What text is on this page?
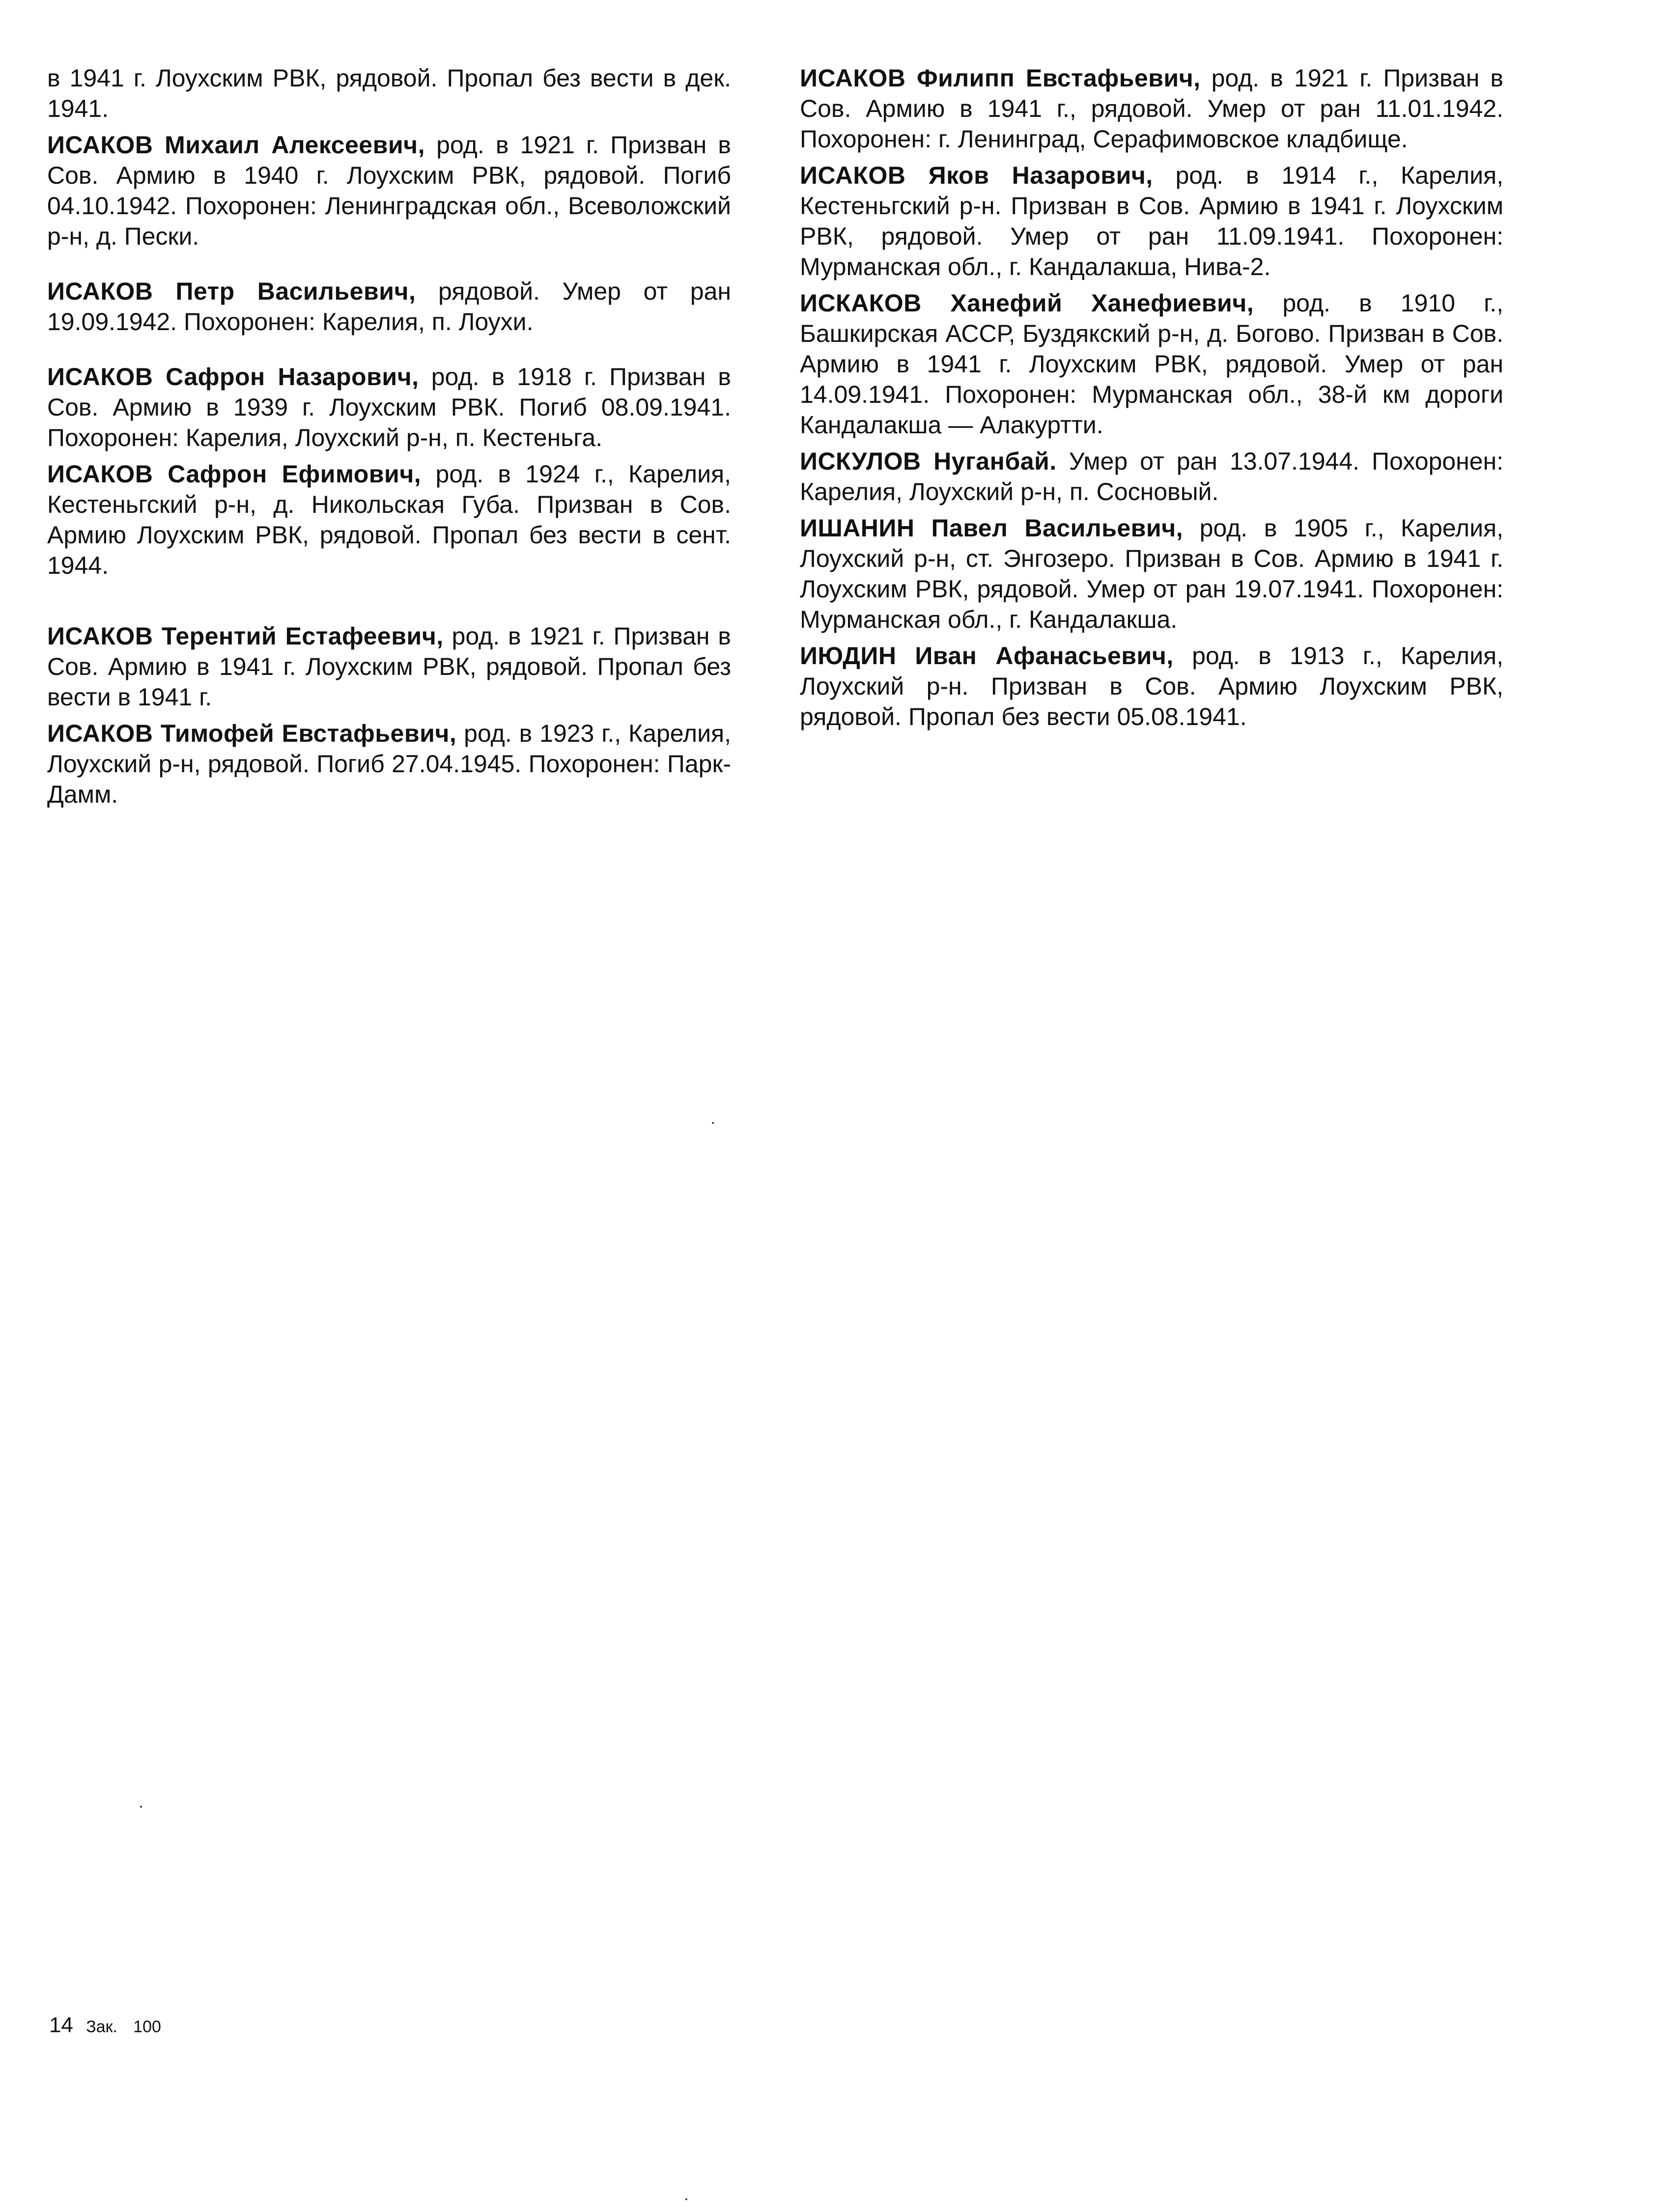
в 1941 г. Лоухским РВК, рядовой. Пропал без вести в дек. 1941.

ИСАКОВ Михаил Алексеевич, род. в 1921 г. Призван в Сов. Армию в 1940 г. Лоухским РВК, рядовой. Погиб 04.10.1942. Похоронен: Ленинградская обл., Всеволожский р-н, д. Пески.

ИСАКОВ Петр Васильевич, рядовой. Умер от ран 19.09.1942. Похоронен: Карелия, п. Лоухи.

ИСАКОВ Сафрон Назарович, род. в 1918 г. Призван в Сов. Армию в 1939 г. Лоухским РВК. Погиб 08.09.1941. Похоронен: Карелия, Лоухский р-н, п. Кестеньга.

ИСАКОВ Сафрон Ефимович, род. в 1924 г., Карелия, Кестеньгский р-н, д. Никольская Губа. Призван в Сов. Армию Лоухским РВК, рядовой. Пропал без вести в сент. 1944.

ИСАКОВ Терентий Естафеевич, род. в 1921 г. Призван в Сов. Армию в 1941 г. Лоухским РВК, рядовой. Пропал без вести в 1941 г.

ИСАКОВ Тимофей Евстафьевич, род. в 1923 г., Карелия, Лоухский р-н, рядовой. Погиб 27.04.1945. Похоронен: Парк-Дамм.

ИСАКОВ Филипп Евстафьевич, род. в 1921 г. Призван в Сов. Армию в 1941 г., рядовой. Умер от ран 11.01.1942. Похоронен: г. Ленинград, Серафимовское кладбище.

ИСАКОВ Яков Назарович, род. в 1914 г., Карелия, Кестеньгский р-н. Призван в Сов. Армию в 1941 г. Лоухским РВК, рядовой. Умер от ран 11.09.1941. Похоронен: Мурманская обл., г. Кандалакша, Нива-2.

ИСКАКОВ Ханефий Ханефиевич, род. в 1910 г., Башкирская АССР, Буздякский р-н, д. Богово. Призван в Сов. Армию в 1941 г. Лоухским РВК, рядовой. Умер от ран 14.09.1941. Похоронен: Мурманская обл., 38-й км дороги Кандалакша — Алакуртти.

ИСКУЛОВ Нуганбай. Умер от ран 13.07.1944. Похоронен: Карелия, Лоухский р-н, п. Сосновый.

ИШАНИН Павел Васильевич, род. в 1905 г., Карелия, Лоухский р-н, ст. Энгозеро. Призван в Сов. Армию в 1941 г. Лоухским РВК, рядовой. Умер от ран 19.07.1941. Похоронен: Мурманская обл., г. Кандалакша.

ИЮДИН Иван Афанасьевич, род. в 1913 г., Карелия, Лоухский р-н. Призван в Сов. Армию Лоухским РВК, рядовой. Пропал без вести 05.08.1941.

14 Зак. 100
